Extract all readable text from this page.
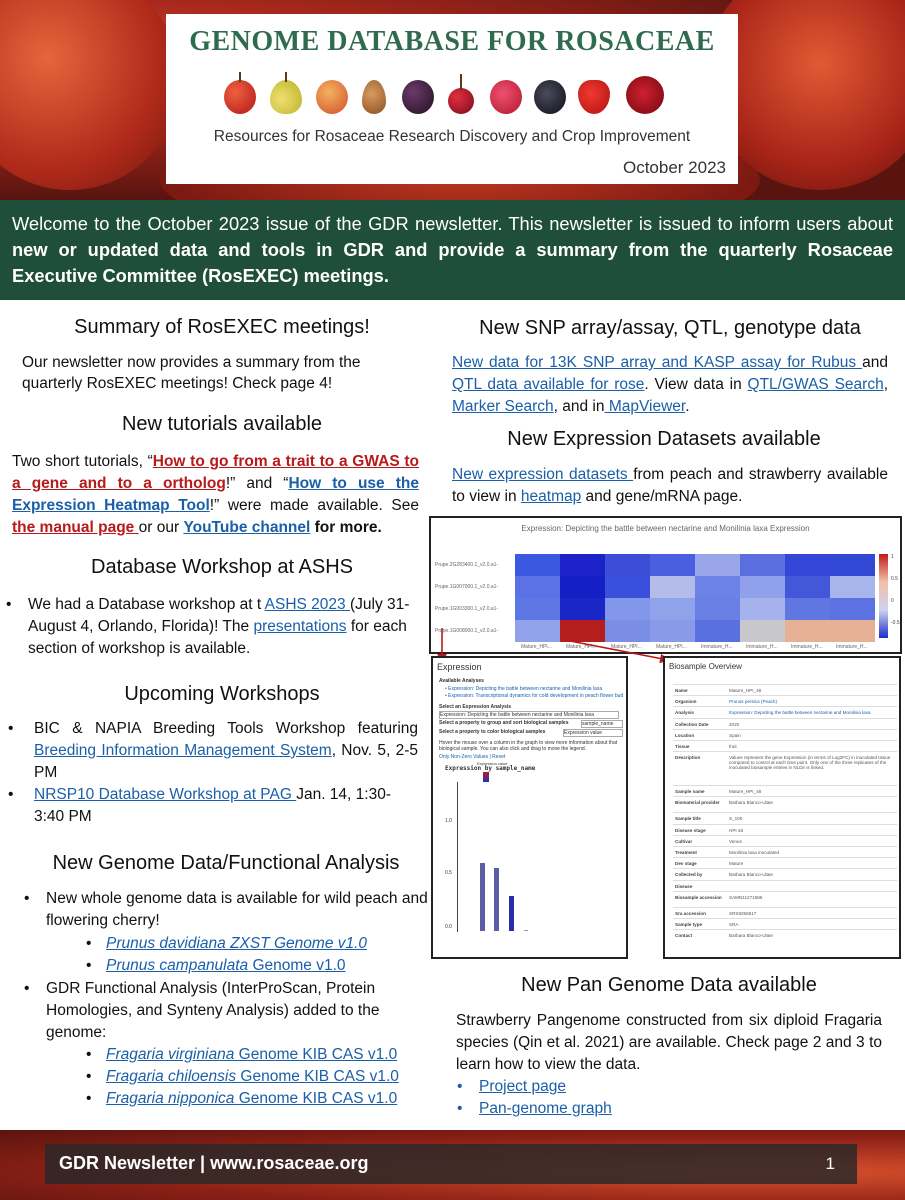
GENOME DATABASE FOR ROSACEAE
Resources for Rosaceae Research Discovery and Crop Improvement
October 2023
Welcome to the October 2023 issue of the GDR newsletter. This newsletter is issued to inform users about new or updated data and tools in GDR and provide a summary from the quarterly Rosaceae Executive Committee (RosEXEC) meetings.
Summary of RosEXEC meetings!
Our newsletter now provides a summary from the quarterly RosEXEC meetings! Check page 4!
New tutorials available
Two short tutorials, “How to go from a trait to a GWAS to a gene and to a ortholog!” and “How to use the Expression Heatmap Tool!” were made available. See the manual page or our YouTube channel for more.
Database Workshop at ASHS
• We had a Database workshop at t ASHS 2023 (July 31-August 4, Orlando, Florida)! The presentations for each section of workshop is available.
Upcoming Workshops
• BIC & NAPIA Breeding Tools Workshop featuring Breeding Information Management System, Nov. 5, 2-5 PM
• NRSP10 Database Workshop at PAG Jan. 14, 1:30-3:40 PM
New Genome Data/Functional Analysis
• New whole genome data is available for wild peach and flowering cherry!
• Prunus davidiana ZXST Genome v1.0
• Prunus campanulata Genome v1.0
• GDR Functional Analysis (InterProScan, Protein Homologies, and Synteny Analysis) added to the genome:
• Fragaria virginiana Genome KIB CAS v1.0
• Fragaria chiloensis Genome KIB CAS v1.0
• Fragaria nipponica Genome KIB CAS v1.0
New SNP array/assay, QTL, genotype data
New data for 13K SNP array and KASP assay for Rubus and QTL data available for rose. View data in QTL/GWAS Search, Marker Search, and in MapViewer.
New Expression Datasets available
New expression datasets from peach and strawberry available to view in heatmap and gene/mRNA page.
Expression: Depicting the battle between nectarine and Monilinia laxa Expression
1
0.5
0
-0.5
Prupe.2G283400.1_v2.0.a1-
Prupe.1G007000.1_v2.0.a1-
Prupe.1G003300.1_v2.0.a1-
Prupe.1G008000.1_v2.0.a1-
Mature_HPI...	Mature_HPI...	Mature_HPI...	Mature_HPI...	Immature_H...	Immature_H...	Immature_H...	Immature_H...
Expression
Available Analyses
• Expression: Depicting the battle between nectarine and Monilinia laxa
• Expression: Transcriptional dynamics for cold development in peach flower bud
Select an Expression Analysis
Expression: Depicting the battle between nectarine and Monilinia laxa
Select a property to group and sort biological samples	sample_name
Select a property to color biological samples	Expression value
Hover the mouse over a column in the graph to view more information about that biological sample. You can also click and drag to move the legend.
Only Non-Zero Values | Reset
Expression by sample_name
Expression value
1.0
0.5
0.0
Biosample Overview
Name	Mature_HPI_48
Organism	Prunus persica (Peach)
Analysis	Expression: Depicting the battle between nectarine and Monilinia laxa
Collection Date	2020
Location	Spain
Tissue	fruit
Description	Values represent the gene Expression (in terms of Log2FC) in inoculated tissue compared to control at each time point. Only one of the three replicates of the inoculated biosample entries in NLDir is linked.
Sample name	Mature_HPI_48
Biomaterial provider	Barbara Blanco-Ulate
Sample title	S_100
Disease stage	HPI 48
Cultivar	Venus
Treatment	Monilinia laxa inoculated
Dev stage	Mature
Collected by	Barbara Blanco-Ulate
Disease
Biosample accession	SAMN11271586
Sra accession	SRS8256817
Sample type	SRA
Contact	Barbara Blanco-Ulate
New Pan Genome Data available
Strawberry Pangenome constructed from six diploid Fragaria species (Qin et al. 2021) are available. Check page 2 and 3 to learn how to view the data.
• Project page
• Pan-genome graph
GDR Newsletter | www.rosaceae.org	1
